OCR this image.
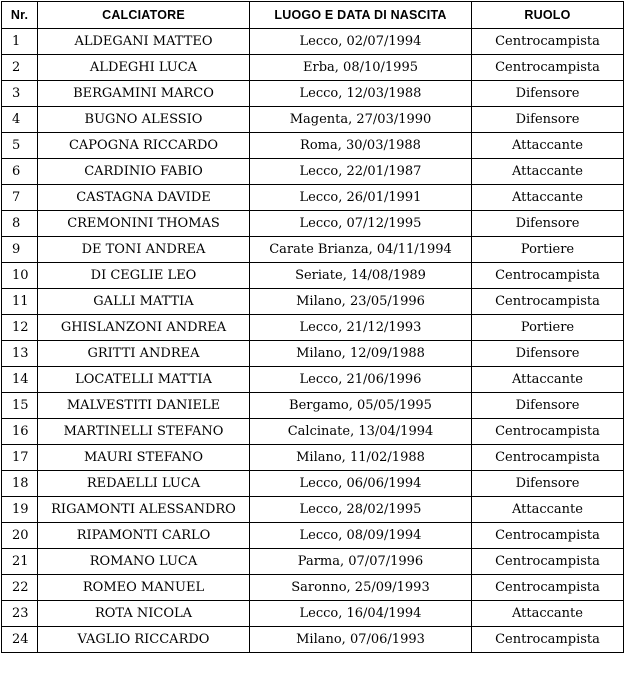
Nr.	CALCIATORE	LUOGO E DATA DI NASCITA	RUOLO
1	ALDEGANI MATTEO	Lecco, 02/07/1994	Centrocampista
2	ALDEGHI LUCA	Erba, 08/10/1995	Centrocampista
3	BERGAMINI MARCO	Lecco, 12/03/1988	Difensore
4	BUGNO ALESSIO	Magenta, 27/03/1990	Difensore
5	CAPOGNA RICCARDO	Roma, 30/03/1988	Attaccante
6	CARDINIO FABIO	Lecco, 22/01/1987	Attaccante
7	CASTAGNA DAVIDE	Lecco, 26/01/1991	Attaccante
8	CREMONINI THOMAS	Lecco, 07/12/1995	Difensore
9	DE TONI ANDREA	Carate Brianza, 04/11/1994	Portiere
10	DI CEGLIE LEO	Seriate, 14/08/1989	Centrocampista
11	GALLI MATTIA	Milano, 23/05/1996	Centrocampista
12	GHISLANZONI ANDREA	Lecco, 21/12/1993	Portiere
13	GRITTI ANDREA	Milano, 12/09/1988	Difensore
14	LOCATELLI MATTIA	Lecco, 21/06/1996	Attaccante
15	MALVESTITI DANIELE	Bergamo, 05/05/1995	Difensore
16	MARTINELLI STEFANO	Calcinate, 13/04/1994	Centrocampista
17	MAURI STEFANO	Milano, 11/02/1988	Centrocampista
18	REDAELLI LUCA	Lecco, 06/06/1994	Difensore
19	RIGAMONTI ALESSANDRO	Lecco, 28/02/1995	Attaccante
20	RIPAMONTI CARLO	Lecco, 08/09/1994	Centrocampista
21	ROMANO LUCA	Parma, 07/07/1996	Centrocampista
22	ROMEO MANUEL	Saronno, 25/09/1993	Centrocampista
23	ROTA NICOLA	Lecco, 16/04/1994	Attaccante
24	VAGLIO RICCARDO	Milano, 07/06/1993	Centrocampista
